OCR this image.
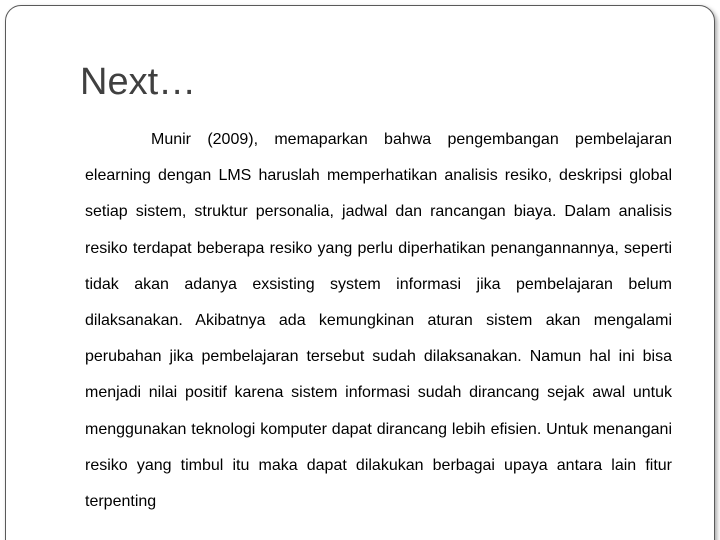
Next…

Munir (2009), memaparkan bahwa pengembangan pembelajaran elearning dengan LMS haruslah memperhatikan analisis resiko, deskripsi global setiap sistem, struktur personalia, jadwal dan rancangan biaya. Dalam analisis resiko terdapat beberapa resiko yang perlu diperhatikan penangannannya, seperti tidak akan adanya exsisting system informasi jika pembelajaran belum dilaksanakan. Akibatnya ada kemungkinan aturan sistem akan mengalami perubahan jika pembelajaran tersebut sudah dilaksanakan. Namun hal ini bisa menjadi nilai positif karena sistem informasi sudah dirancang sejak awal untuk menggunakan teknologi komputer dapat dirancang lebih efisien. Untuk menangani resiko yang timbul itu maka dapat dilakukan berbagai upaya antara lain fitur terpenting
